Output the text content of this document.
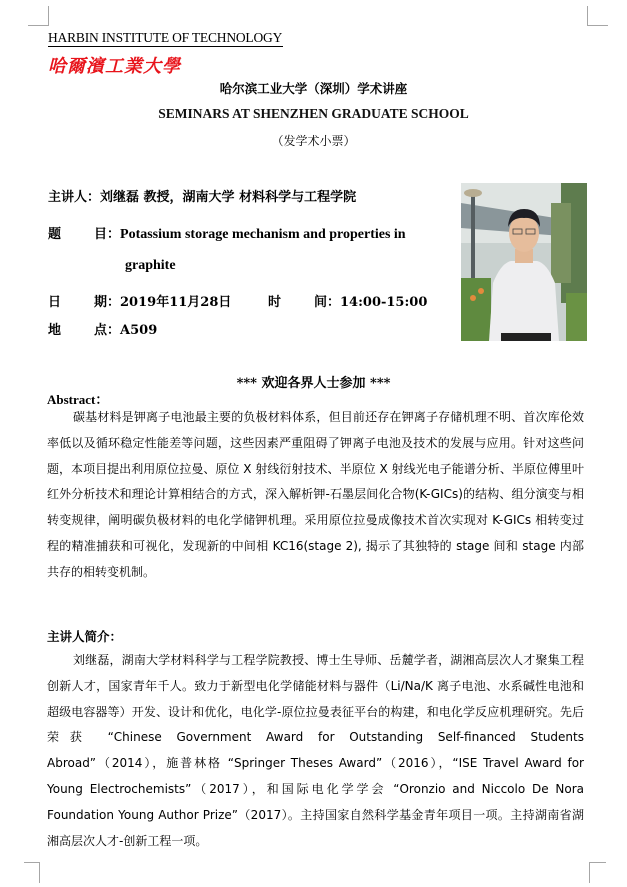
HARBIN INSTITUTE OF TECHNOLOGY
哈爾濱工業大學
哈尔滨工业大学（深圳）学术讲座
SEMINARS AT SHENZHEN GRADUATE SCHOOL
（发学术小票）
主讲人：刘继磊 教授，湖南大学 材料科学与工程学院
题	目：Potassium storage mechanism and properties in
graphite
日	期：2019年11月28日	时	间：14:00-15:00
地	点：A509
*** 欢迎各界人士参加 ***
Abstract：
碳基材料是钾离子电池最主要的负极材料体系，但目前还存在钾离子存储机理不明、首次库伦效率低以及循环稳定性能差等问题，这些因素严重阻碍了钾离子电池及技术的发展与应用。针对这些问题，本项目提出利用原位拉曼、原位 X 射线衍射技术、半原位 X 射线光电子能谱分析、半原位傅里叶红外分析技术和理论计算相结合的方式，深入解析钾-石墨层间化合物(K-GICs)的结构、组分演变与相转变规律，阐明碳负极材料的电化学储钾机理。采用原位拉曼成像技术首次实现对 K-GICs 相转变过程的精准捕获和可视化，发现新的中间相 KC16(stage 2), 揭示了其独特的 stage 间和 stage 内部共存的相转变机制。
主讲人简介：
刘继磊，湖南大学材料科学与工程学院教授、博士生导师、岳麓学者，湖湘高层次人才聚集工程创新人才，国家青年千人。致力于新型电化学储能材料与器件（Li/Na/K 离子电池、水系碱性电池和超级电容器等）开发、设计和优化，电化学-原位拉曼表征平台的构建，和电化学反应机理研究。先后荣获 “Chinese Government Award for Outstanding Self-financed Students Abroad”（2014），施普林格 “Springer Theses Award”（2016），“ISE Travel Award for Young Electrochemists”（2017），和国际电化学学会 “Oronzio and Niccolo De Nora Foundation Young Author Prize”（2017）。主持国家自然科学基金青年项目一项。主持湖南省湖湘高层次人才-创新工程一项。
